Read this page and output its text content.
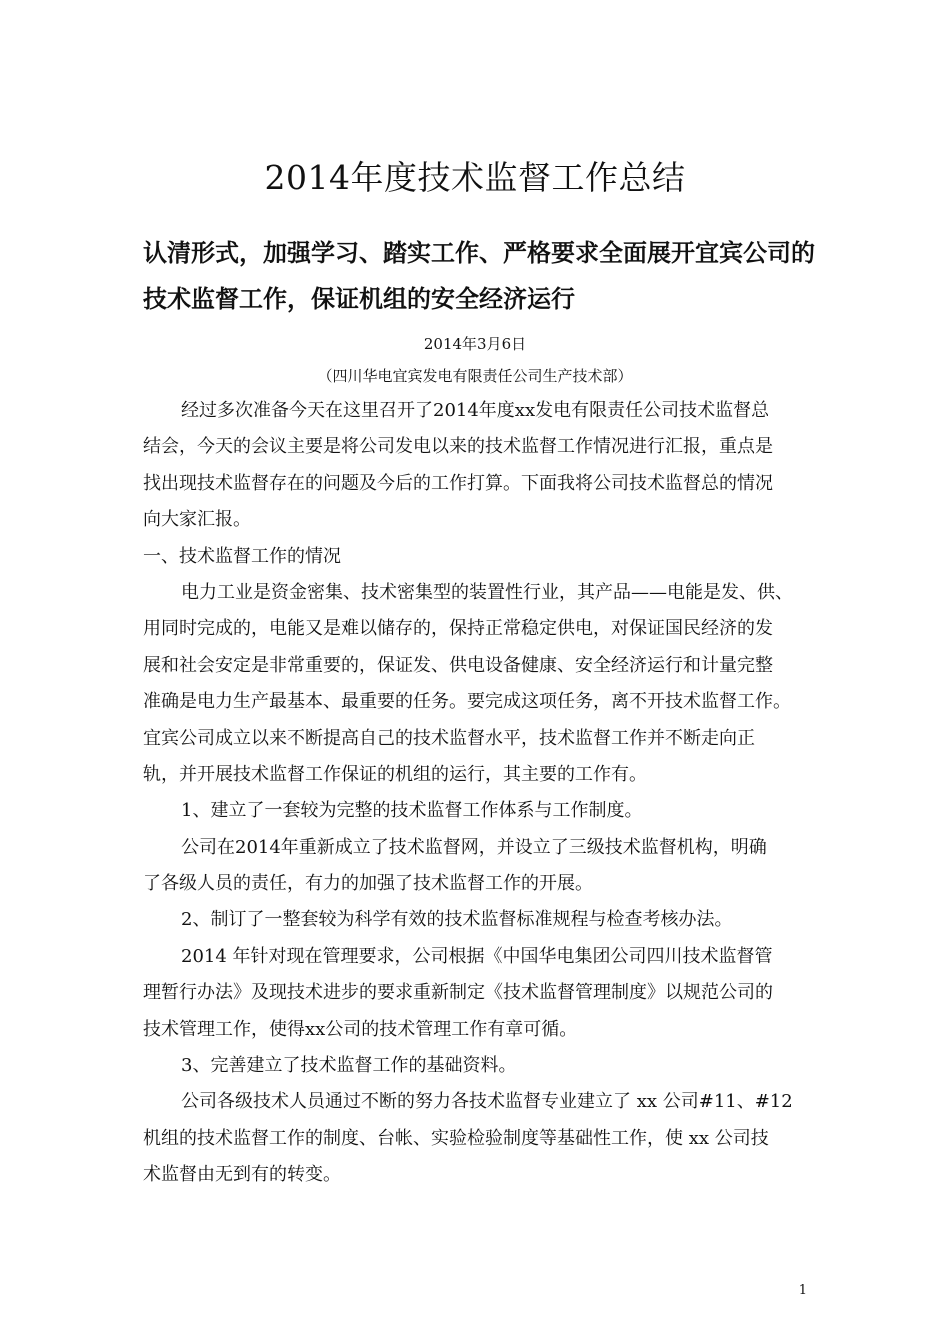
2014年度技术监督工作总结
认清形式，加强学习、踏实工作、严格要求全面展开宜宾公司的
技术监督工作，保证机组的安全经济运行
2014年3月6日
（四川华电宜宾发电有限责任公司生产技术部）
经过多次准备今天在这里召开了2014年度xx发电有限责任公司技术监督总
结会，今天的会议主要是将公司发电以来的技术监督工作情况进行汇报，重点是
找出现技术监督存在的问题及今后的工作打算。下面我将公司技术监督总的情况
向大家汇报。
一、技术监督工作的情况
电力工业是资金密集、技术密集型的装置性行业，其产品——电能是发、供、
用同时完成的，电能又是难以储存的，保持正常稳定供电，对保证国民经济的发
展和社会安定是非常重要的，保证发、供电设备健康、安全经济运行和计量完整
准确是电力生产最基本、最重要的任务。要完成这项任务，离不开技术监督工作。
宜宾公司成立以来不断提高自己的技术监督水平，技术监督工作并不断走向正
轨，并开展技术监督工作保证的机组的运行，其主要的工作有。
1、建立了一套较为完整的技术监督工作体系与工作制度。
公司在2014年重新成立了技术监督网，并设立了三级技术监督机构，明确
了各级人员的责任，有力的加强了技术监督工作的开展。
2、制订了一整套较为科学有效的技术监督标准规程与检查考核办法。
2014 年针对现在管理要求，公司根据《中国华电集团公司四川技术监督管
理暂行办法》及现技术进步的要求重新制定《技术监督管理制度》以规范公司的
技术管理工作，使得xx公司的技术管理工作有章可循。
3、完善建立了技术监督工作的基础资料。
公司各级技术人员通过不断的努力各技术监督专业建立了 xx 公司#11、#12
机组的技术监督工作的制度、台帐、实验检验制度等基础性工作，使 xx 公司技
术监督由无到有的转变。
1
